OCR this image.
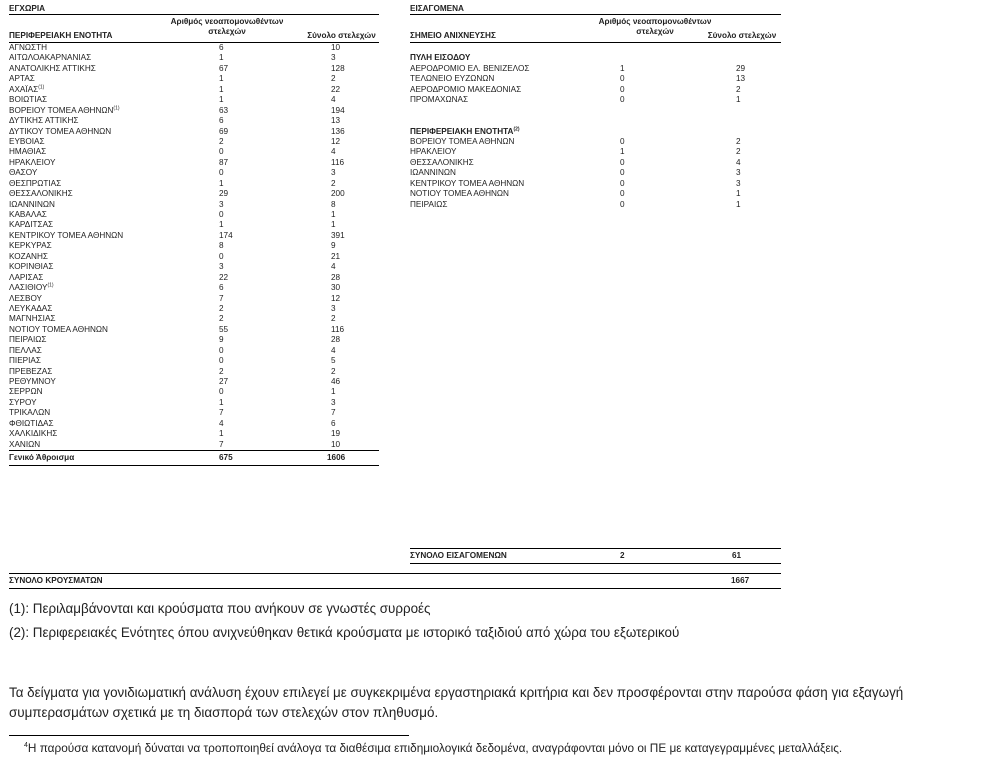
ΕΓΧΩΡΙΑ
ΠΕΡΙΦΕΡΕΙΑΚΗ ΕΝΟΤΗΤΑ
Αριθμός νεοαπομονωθέντων στελεχών	Σύνολο στελεχών
ΑΓΝΩΣΤΗ	6	10
ΑΙΤΩΛΟΑΚΑΡΝΑΝΙΑΣ	1	3
ΑΝΑΤΟΛΙΚΗΣ ΑΤΤΙΚΗΣ	67	128
ΑΡΤΑΣ	1	2
ΑΧΑΪΑΣ$^{(1)}$	1	22
ΒΟΙΩΤΙΑΣ	1	4
ΒΟΡΕΙΟΥ ΤΟΜΕΑ ΑΘΗΝΩΝ$^{(1)}$	63	194
ΔΥΤΙΚΗΣ ΑΤΤΙΚΗΣ	6	13
ΔΥΤΙΚΟΥ ΤΟΜΕΑ ΑΘΗΝΩΝ	69	136
ΕΥΒΟΙΑΣ	2	12
ΗΜΑΘΙΑΣ	0	4
ΗΡΑΚΛΕΙΟΥ	87	116
ΘΑΣΟΥ	0	3
ΘΕΣΠΡΩΤΙΑΣ	1	2
ΘΕΣΣΑΛΟΝΙΚΗΣ	29	200
ΙΩΑΝΝΙΝΩΝ	3	8
ΚΑΒΑΛΑΣ	0	1
ΚΑΡΔΙΤΣΑΣ	1	1
ΚΕΝΤΡΙΚΟΥ ΤΟΜΕΑ ΑΘΗΝΩΝ	174	391
ΚΕΡΚΥΡΑΣ	8	9
ΚΟΖΑΝΗΣ	0	21
ΚΟΡΙΝΘΙΑΣ	3	4
ΛΑΡΙΣΑΣ	22	28
ΛΑΣΙΘΙΟΥ$^{(1)}$	6	30
ΛΕΣΒΟΥ	7	12
ΛΕΥΚΑΔΑΣ	2	3
ΜΑΓΝΗΣΙΑΣ	2	2
ΝΟΤΙΟΥ ΤΟΜΕΑ ΑΘΗΝΩΝ	55	116
ΠΕΙΡΑΙΩΣ	9	28
ΠΕΛΛΑΣ	0	4
ΠΙΕΡΙΑΣ	0	5
ΠΡΕΒΕΖΑΣ	2	2
ΡΕΘΥΜΝΟΥ	27	46
ΣΕΡΡΩΝ	0	1
ΣΥΡΟΥ	1	3
ΤΡΙΚΑΛΩΝ	7	7
ΦΘΙΩΤΙΔΑΣ	4	6
ΧΑΛΚΙΔΙΚΗΣ	1	19
ΧΑΝΙΩΝ	7	10
Γενικό Άθροισμα	675	1606
ΕΙΣΑΓΟΜΕΝΑ
ΣΗΜΕΙΟ ΑΝΙΧΝΕΥΣΗΣ
Αριθμός νεοαπομονωθέντων στελεχών	Σύνολο στελεχών
ΠΥΛΗ ΕΙΣΟΔΟΥ
ΑΕΡΟΔΡΟΜΙΟ ΕΛ. ΒΕΝΙΖΕΛΟΣ	1	29
ΤΕΛΩΝΕΙΟ ΕΥΖΩΝΩΝ	0	13
ΑΕΡΟΔΡΟΜΙΟ ΜΑΚΕΔΟΝΙΑΣ	0	2
ΠΡΟΜΑΧΩΝΑΣ	0	1
ΠΕΡΙΦΕΡΕΙΑΚΗ ΕΝΟΤΗΤΑ$^{(2)}$
ΒΟΡΕΙΟΥ ΤΟΜΕΑ ΑΘΗΝΩΝ	0	2
ΗΡΑΚΛΕΙΟΥ	1	2
ΘΕΣΣΑΛΟΝΙΚΗΣ	0	4
ΙΩΑΝΝΙΝΩΝ	0	3
ΚΕΝΤΡΙΚΟΥ ΤΟΜΕΑ ΑΘΗΝΩΝ	0	3
ΝΟΤΙΟΥ ΤΟΜΕΑ ΑΘΗΝΩΝ	0	1
ΠΕΙΡΑΙΩΣ	0	1
ΣΥΝΟΛΟ ΕΙΣΑΓΟΜΕΝΩΝ	2	61
ΣΥΝΟΛΟ ΚΡΟΥΣΜΑΤΩΝ	1667
(1): Περιλαμβάνονται και κρούσματα που ανήκουν σε γνωστές συρροές
(2): Περιφερειακές Ενότητες όπου ανιχνεύθηκαν θετικά κρούσματα με ιστορικό ταξιδιού από χώρα του εξωτερικού
Τα δείγματα για γονιδιωματική ανάλυση έχουν επιλεγεί με συγκεκριμένα εργαστηριακά κριτήρια και δεν προσφέρονται στην παρούσα φάση για εξαγωγή συμπερασμάτων σχετικά με τη διασπορά των στελεχών στον πληθυσμό.
$^4$Η παρούσα κατανομή δύναται να τροποποιηθεί ανάλογα τα διαθέσιμα επιδημιολογικά δεδομένα, αναγράφονται μόνο οι ΠΕ με καταγεγραμμένες μεταλλάξεις.
